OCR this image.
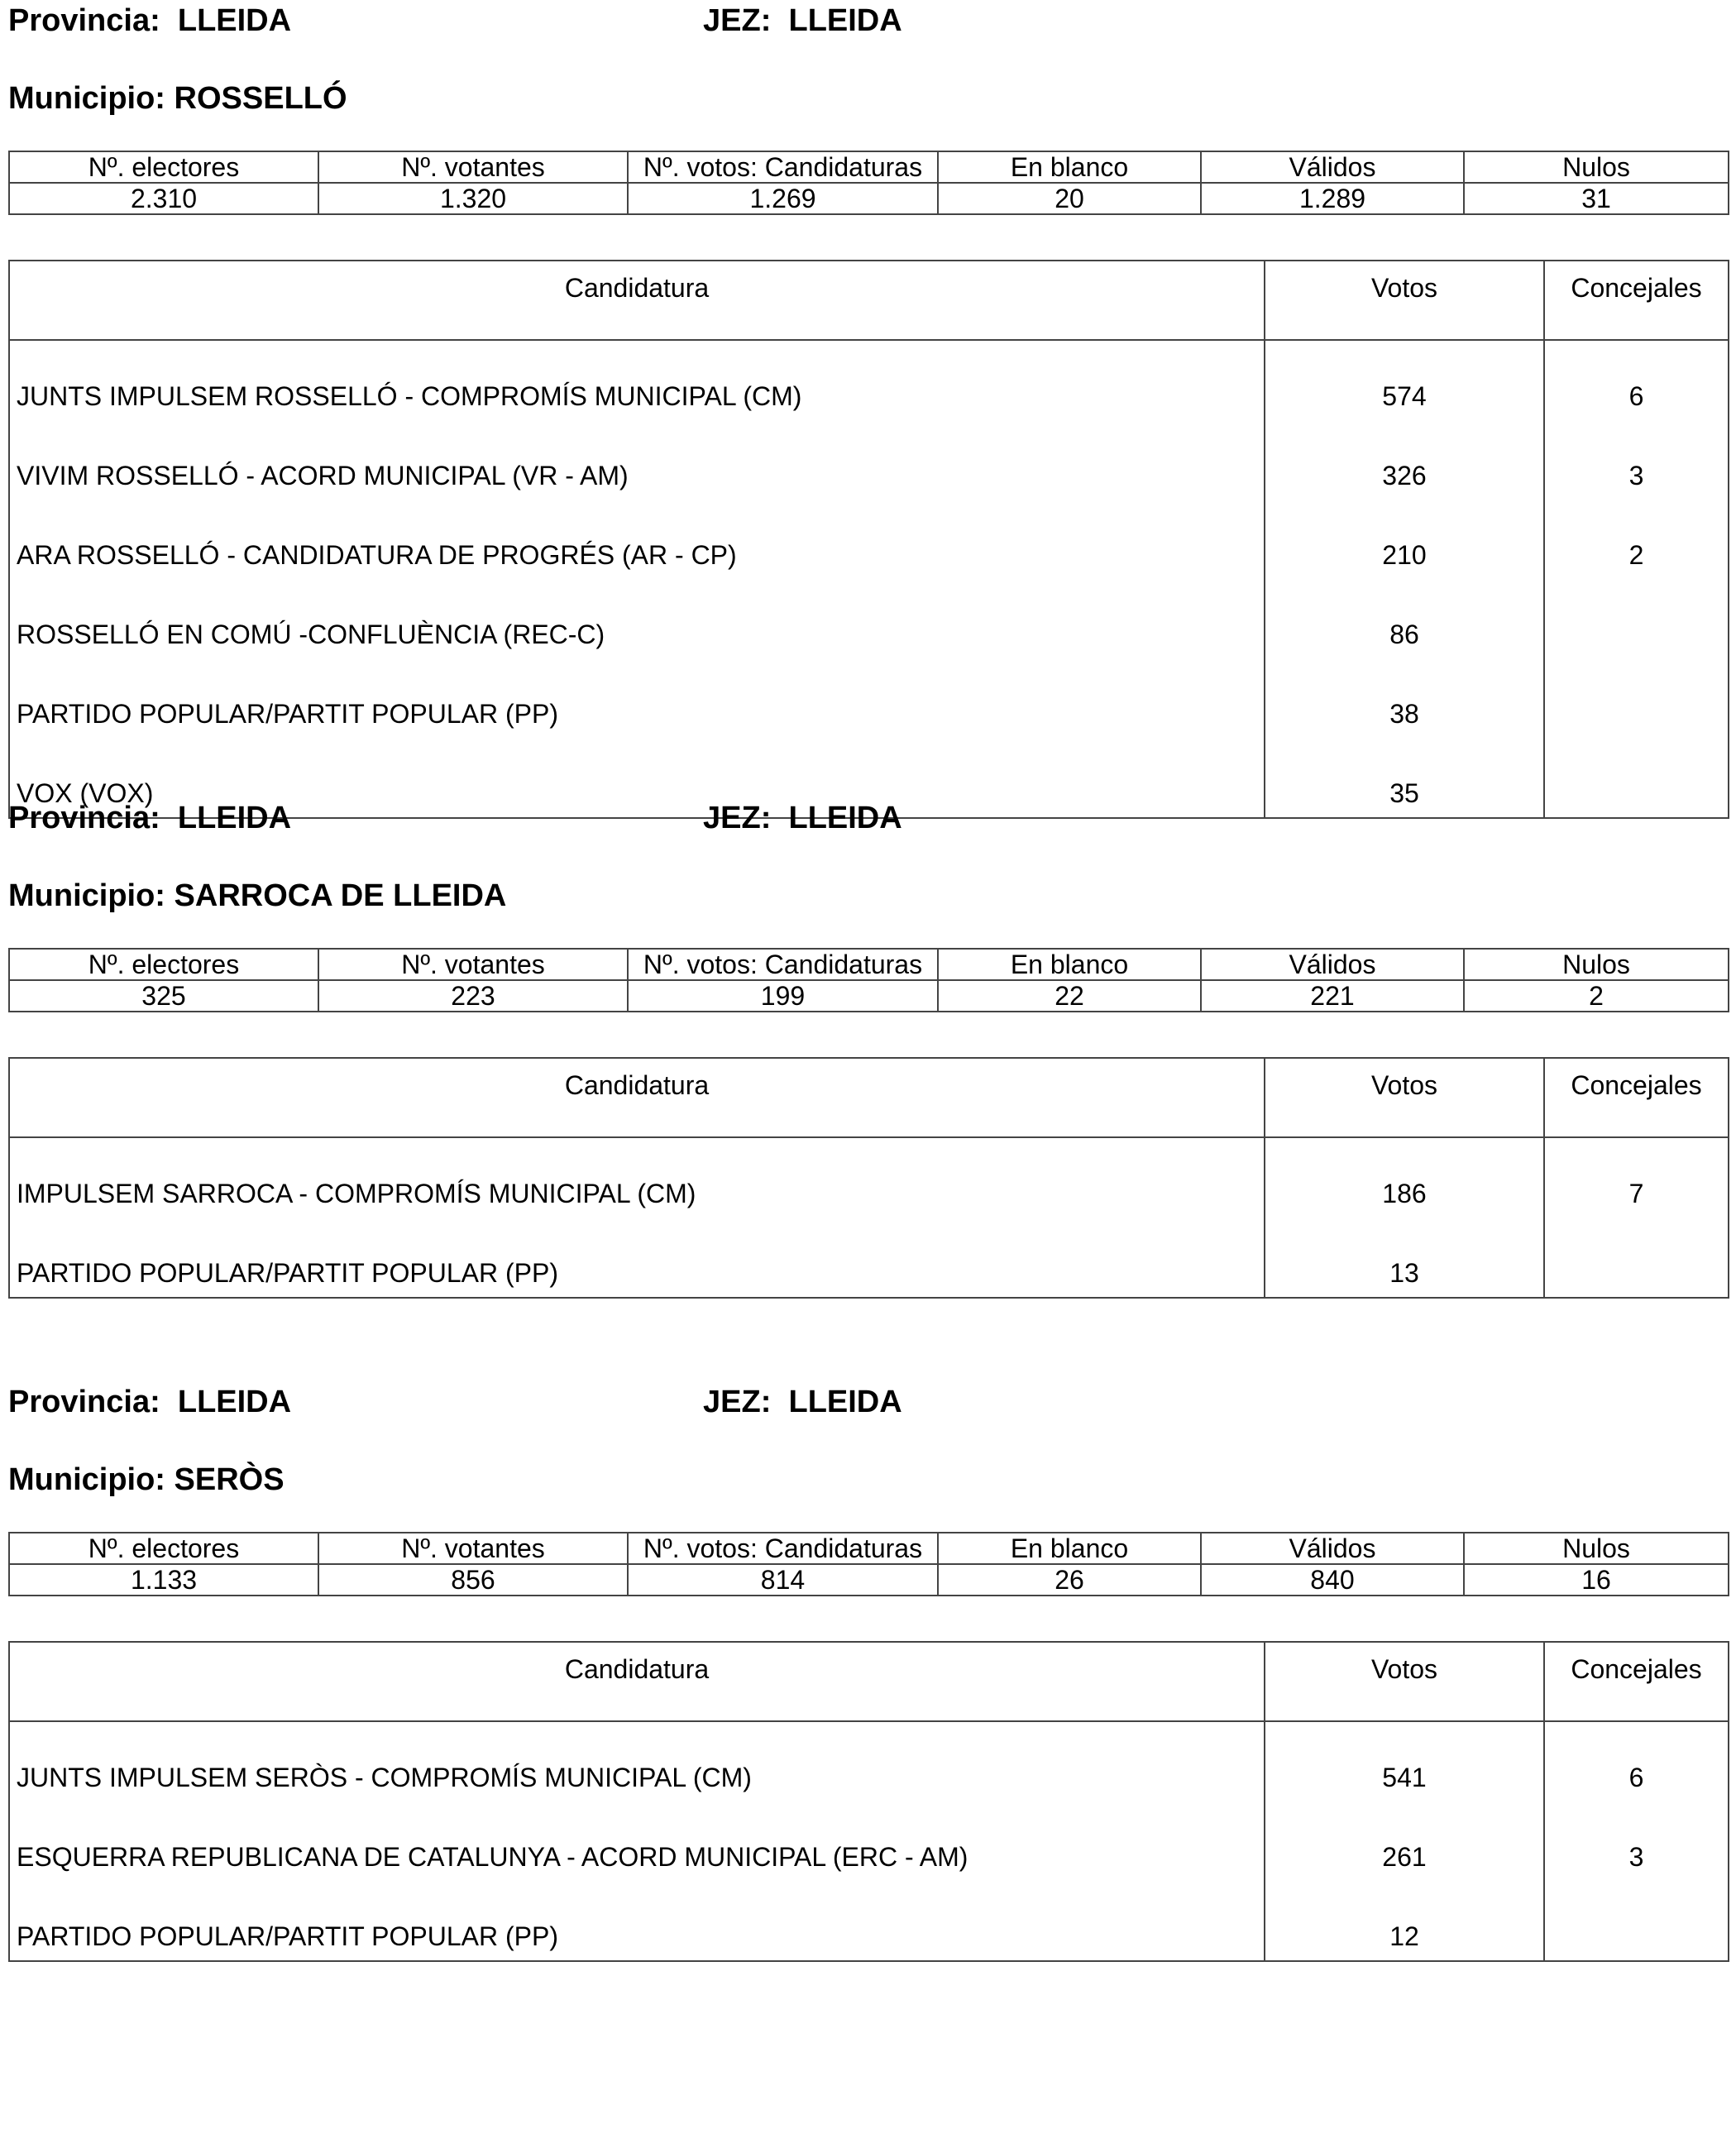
Provincia: LLEIDA	JEZ: LLEIDA
Municipio: ROSSELLÓ
Nº. electores	Nº. votantes	Nº. votos: Candidaturas	En blanco	Válidos	Nulos
2.310	1.320	1.269	20	1.289	31
Candidatura	Votos	Concejales
JUNTS IMPULSEM ROSSELLÓ - COMPROMÍS MUNICIPAL (CM)	574	6
VIVIM ROSSELLÓ - ACORD MUNICIPAL (VR - AM)	326	3
ARA ROSSELLÓ - CANDIDATURA DE PROGRÉS (AR - CP)	210	2
ROSSELLÓ EN COMÚ -CONFLUÈNCIA (REC-C)	86	
PARTIDO POPULAR/PARTIT POPULAR (PP)	38	
VOX (VOX)	35	
Provincia: LLEIDA	JEZ: LLEIDA
Municipio: SARROCA DE LLEIDA
Nº. electores	Nº. votantes	Nº. votos: Candidaturas	En blanco	Válidos	Nulos
325	223	199	22	221	2
Candidatura	Votos	Concejales
IMPULSEM SARROCA - COMPROMÍS MUNICIPAL (CM)	186	7
PARTIDO POPULAR/PARTIT POPULAR (PP)	13	
Provincia: LLEIDA	JEZ: LLEIDA
Municipio: SERÒS
Nº. electores	Nº. votantes	Nº. votos: Candidaturas	En blanco	Válidos	Nulos
1.133	856	814	26	840	16
Candidatura	Votos	Concejales
JUNTS IMPULSEM SERÒS - COMPROMÍS MUNICIPAL (CM)	541	6
ESQUERRA REPUBLICANA DE CATALUNYA - ACORD MUNICIPAL (ERC - AM)	261	3
PARTIDO POPULAR/PARTIT POPULAR (PP)	12	
